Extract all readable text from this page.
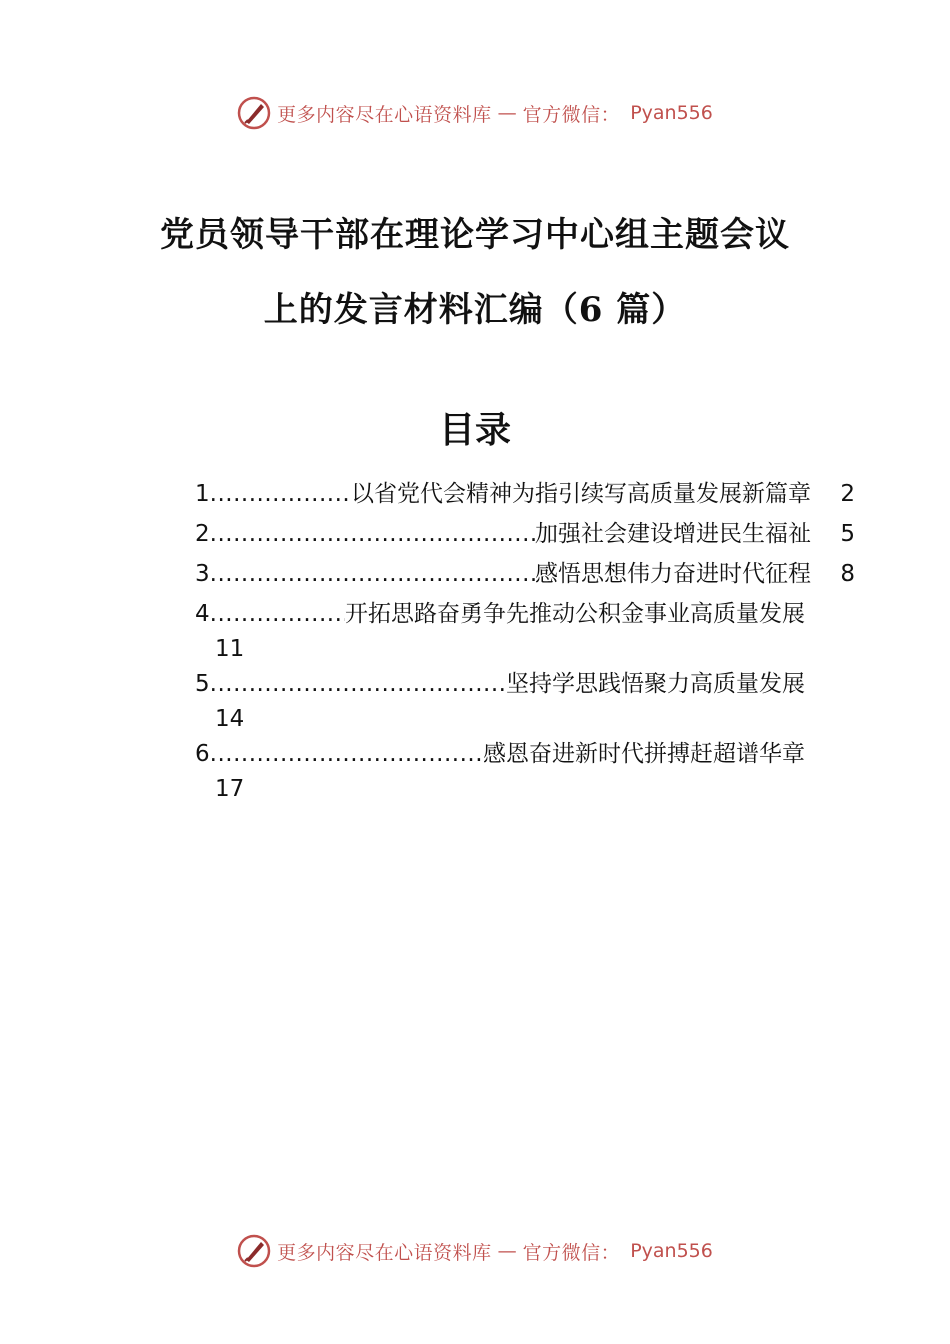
更多内容尽在心语资料库 — 官方微信： Pyan556
党员领导干部在理论学习中心组主题会议
上的发言材料汇编（6 篇）
目录
1 .....	以省党代会精神为指引续写高质量发展新篇章	2
2 .....	加强社会建设增进民生福祉	5
3 .....	感悟思想伟力奋进时代征程	8
4 .....	开拓思路奋勇争先推动公积金事业高质量发展
11
5 .....	坚持学思践悟聚力高质量发展
14
6 .....	感恩奋进新时代拼搏赶超谱华章
17
更多内容尽在心语资料库 — 官方微信： Pyan556
